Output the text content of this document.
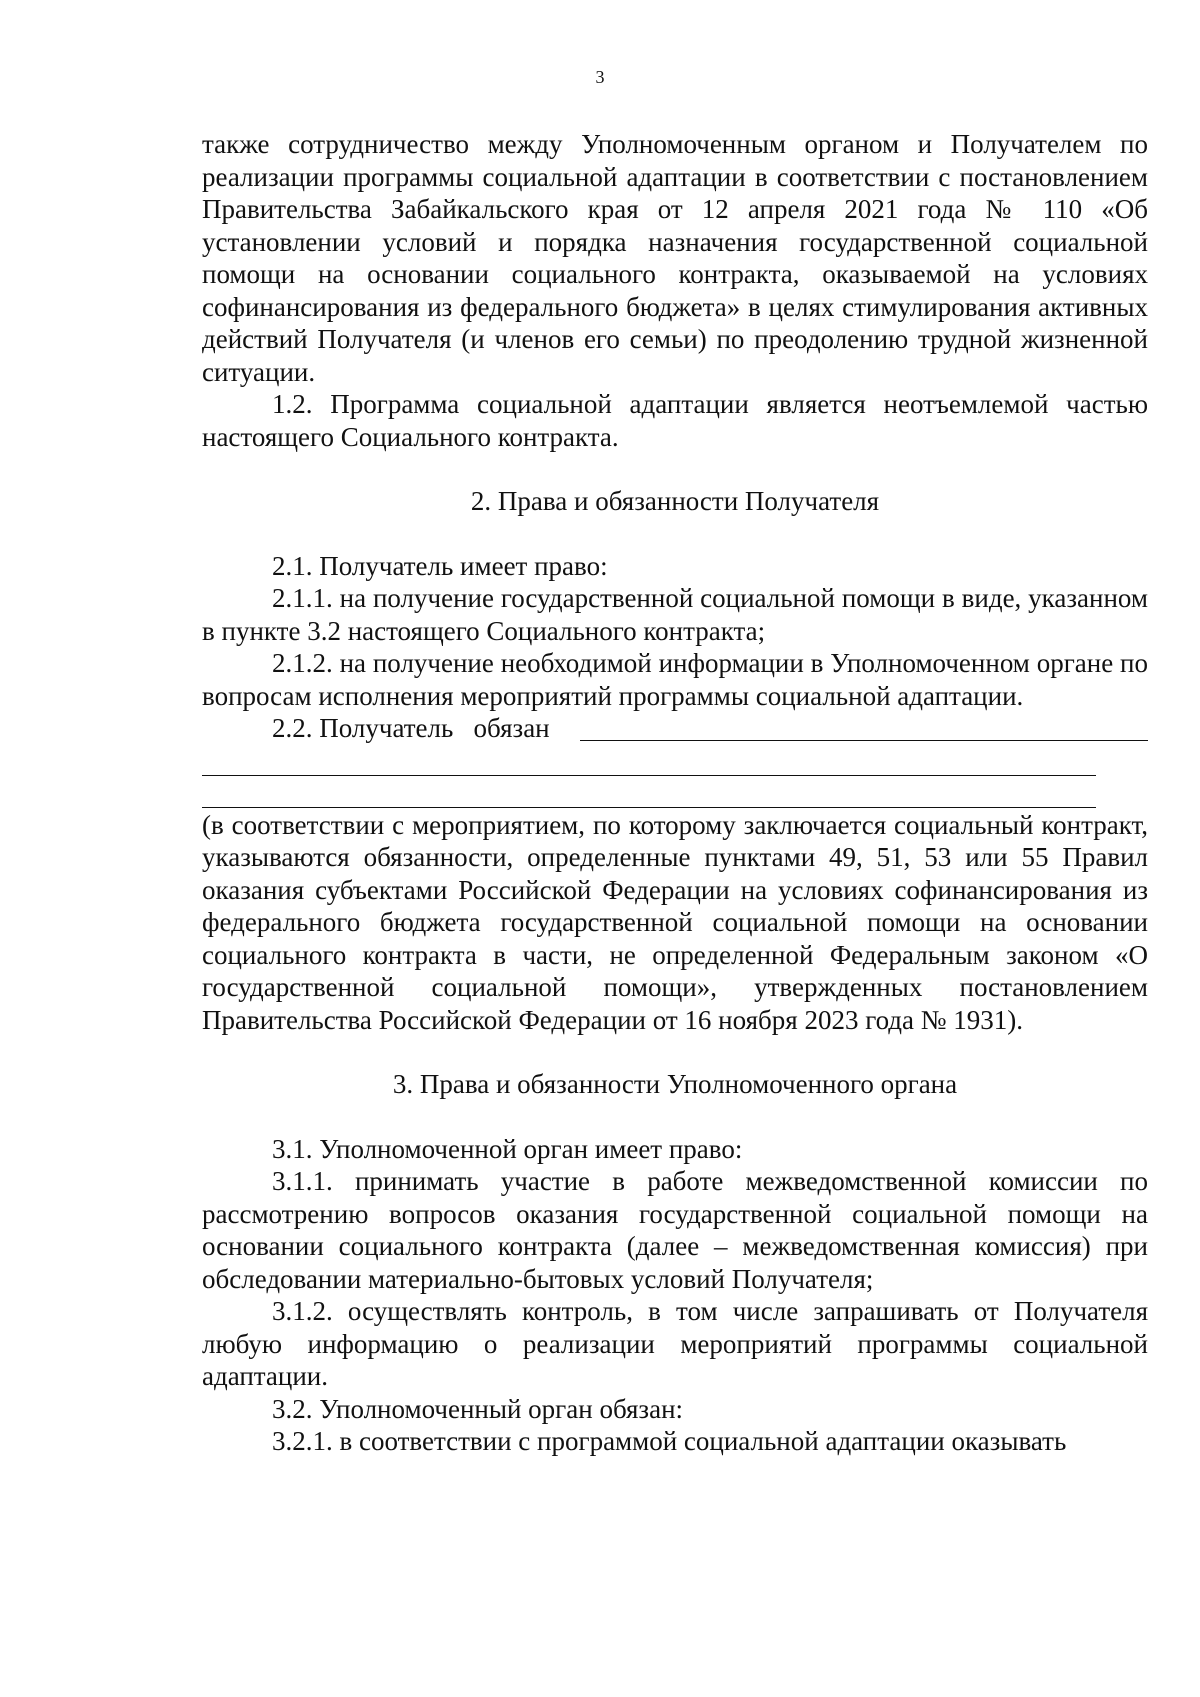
3

также сотрудничество между Уполномоченным органом и Получателем по реализации программы социальной адаптации в соответствии с постановлением Правительства Забайкальского края от 12 апреля 2021 года № 110 «Об установлении условий и порядка назначения государственной социальной помощи на основании социального контракта, оказываемой на условиях софинансирования из федерального бюджета» в целях стимулирования активных действий Получателя (и членов его семьи) по преодолению трудной жизненной ситуации.

1.2. Программа социальной адаптации является неотъемлемой частью настоящего Социального контракта.

2. Права и обязанности Получателя

2.1. Получатель имеет право:

2.1.1. на получение государственной социальной помощи в виде, указанном в пункте 3.2 настоящего Социального контракта;

2.1.2. на получение необходимой информации в Уполномоченном органе по вопросам исполнения мероприятий программы социальной адаптации.

2.2. Получатель   обязан

(в соответствии с мероприятием, по которому заключается социальный контракт, указываются обязанности, определенные пунктами 49, 51, 53 или 55 Правил оказания субъектами Российской Федерации на условиях софинансирования из федерального бюджета государственной социальной помощи на основании социального контракта в части, не определенной Федеральным законом «О государственной социальной помощи», утвержденных постановлением Правительства Российской Федерации от 16 ноября 2023 года № 1931).

3. Права и обязанности Уполномоченного органа

3.1. Уполномоченной орган имеет право:

3.1.1. принимать участие в работе межведомственной комиссии по рассмотрению вопросов оказания государственной социальной помощи на основании социального контракта (далее – межведомственная комиссия) при обследовании материально-бытовых условий Получателя;

3.1.2. осуществлять контроль, в том числе запрашивать от Получателя любую информацию о реализации мероприятий программы социальной адаптации.

3.2. Уполномоченный орган обязан:

3.2.1. в соответствии с программой социальной адаптации оказывать
